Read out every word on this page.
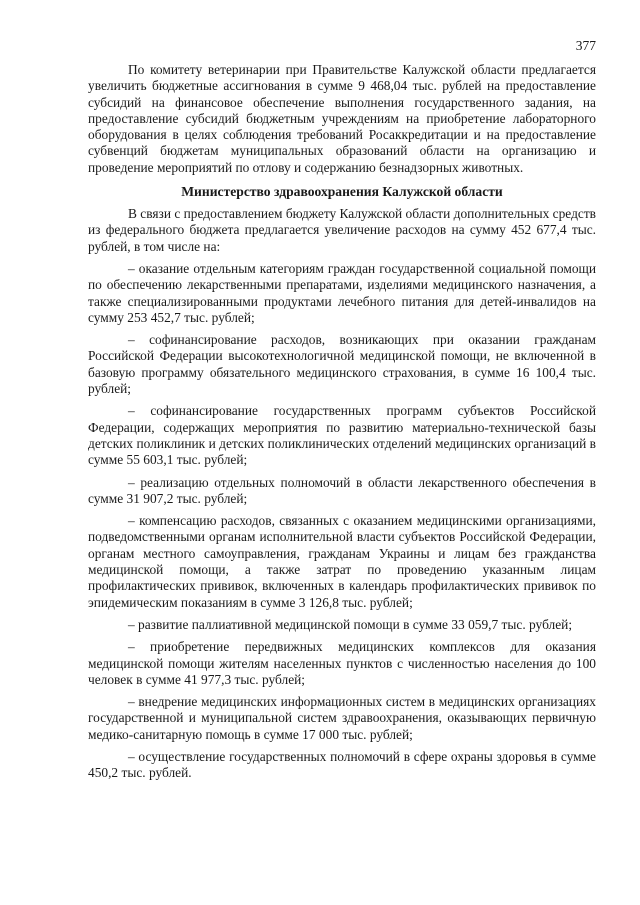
377

По комитету ветеринарии при Правительстве Калужской области предлагается увеличить бюджетные ассигнования в сумме 9 468,04 тыс. рублей на предоставление субсидий на финансовое обеспечение выполнения государственного задания, на предоставление субсидий бюджетным учреждениям на приобретение лабораторного оборудования в целях соблюдения требований Росаккредитации и на предоставление субвенций бюджетам муниципальных образований области на организацию и проведение мероприятий по отлову и содержанию безнадзорных животных.

Министерство здравоохранения Калужской области

В связи с предоставлением бюджету Калужской области дополнительных средств из федерального бюджета предлагается увеличение расходов на сумму 452 677,4 тыс. рублей, в том числе на:

– оказание отдельным категориям граждан государственной социальной помощи по обеспечению лекарственными препаратами, изделиями медицинского назначения, а также специализированными продуктами лечебного питания для детей-инвалидов на сумму 253 452,7 тыс. рублей;

– софинансирование расходов, возникающих при оказании гражданам Российской Федерации высокотехнологичной медицинской помощи, не включенной в базовую программу обязательного медицинского страхования, в сумме 16 100,4 тыс. рублей;

– софинансирование государственных программ субъектов Российской Федерации, содержащих мероприятия по развитию материально-технической базы детских поликлиник и детских поликлинических отделений медицинских организаций в сумме 55 603,1 тыс. рублей;

– реализацию отдельных полномочий в области лекарственного обеспечения в сумме 31 907,2 тыс. рублей;

– компенсацию расходов, связанных с оказанием медицинскими организациями, подведомственными органам исполнительной власти субъектов Российской Федерации, органам местного самоуправления, гражданам Украины и лицам без гражданства медицинской помощи, а также затрат по проведению указанным лицам профилактических прививок, включенных в календарь профилактических прививок по эпидемическим показаниям в сумме 3 126,8 тыс. рублей;

– развитие паллиативной медицинской помощи в сумме 33 059,7 тыс. рублей;

– приобретение передвижных медицинских комплексов для оказания медицинской помощи жителям населенных пунктов с численностью населения до 100 человек в сумме 41 977,3 тыс. рублей;

– внедрение медицинских информационных систем в медицинских организациях государственной и муниципальной систем здравоохранения, оказывающих первичную медико-санитарную помощь в сумме 17 000 тыс. рублей;

– осуществление государственных полномочий в сфере охраны здоровья в сумме 450,2 тыс. рублей.
